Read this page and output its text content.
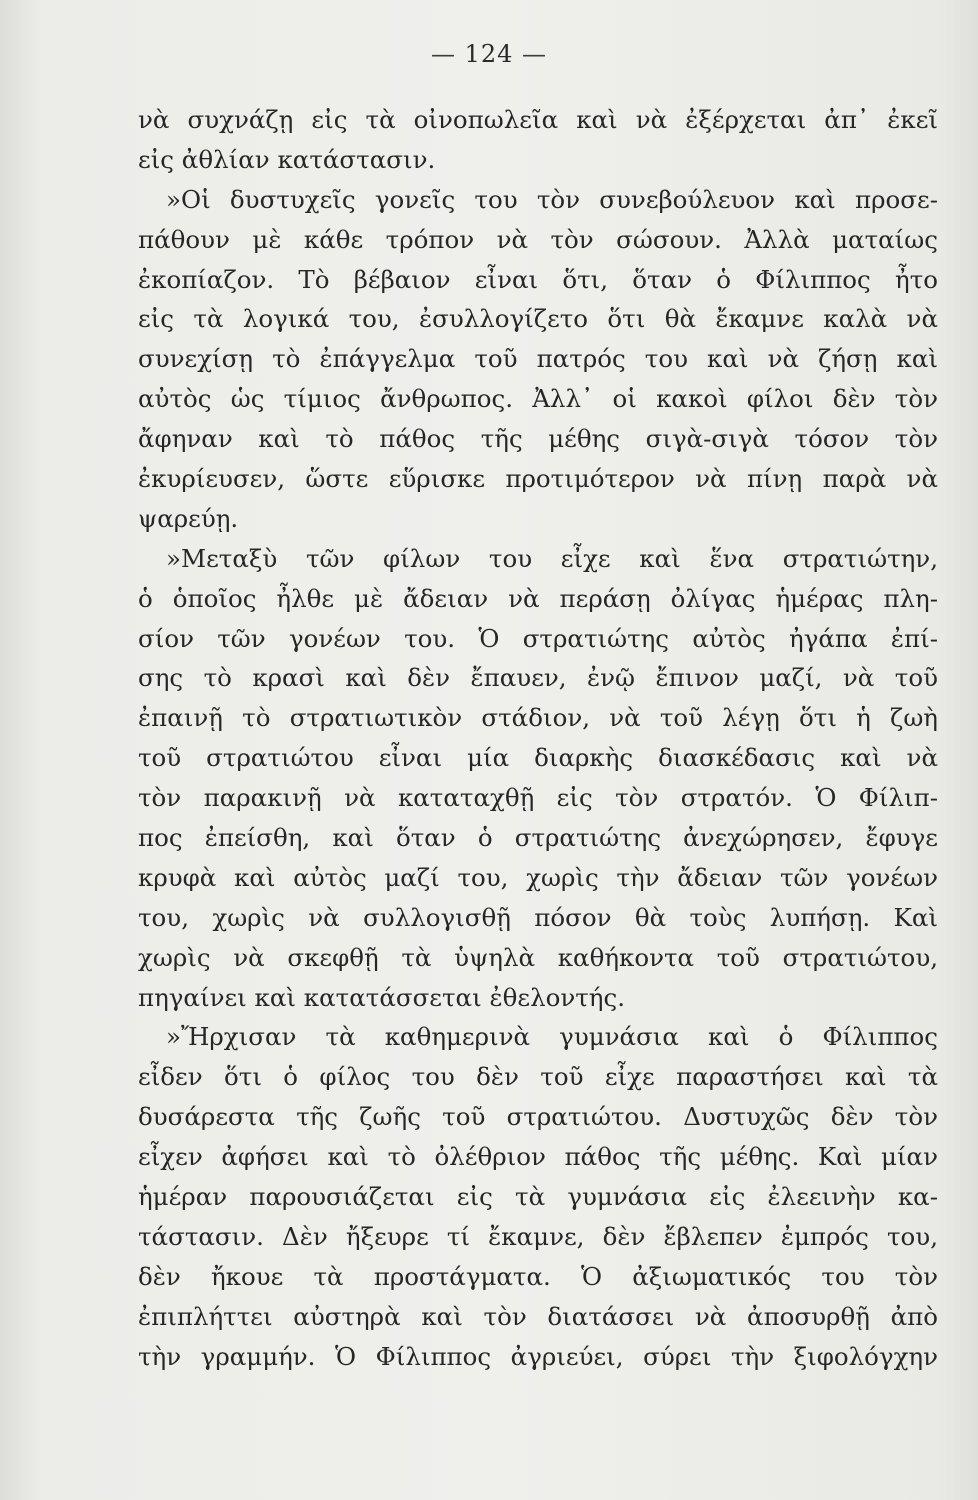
— 124 —
νὰ συχνάζῃ εἰς τὰ οἰνοπωλεῖα καὶ νὰ ἐξέρχεται ἀπ᾿ ἐκεῖ
εἰς ἀθλίαν κατάστασιν.
»Οἱ δυστυχεῖς γονεῖς του τὸν συνεβούλευον καὶ προσε-
πάθουν μὲ κάθε τρόπον νὰ τὸν σώσουν. Ἀλλὰ ματαίως
ἐκοπίαζον. Τὸ βέβαιον εἶναι ὅτι, ὅταν ὁ Φίλιππος ἦτο
εἰς τὰ λογικά του, ἐσυλλογίζετο ὅτι θὰ ἔκαμνε καλὰ νὰ
συνεχίσῃ τὸ ἐπάγγελμα τοῦ πατρός του καὶ νὰ ζήσῃ καὶ
αὐτὸς ὡς τίμιος ἄνθρωπος. Ἀλλ᾿ οἱ κακοὶ φίλοι δὲν τὸν
ἄφηναν καὶ τὸ πάθος τῆς μέθης σιγὰ-σιγὰ τόσον τὸν
ἐκυρίευσεν, ὥστε εὕρισκε προτιμότερον νὰ πίνῃ παρὰ νὰ
ψαρεύῃ.
»Μεταξὺ τῶν φίλων του εἶχε καὶ ἕνα στρατιώτην,
ὁ ὁποῖος ἦλθε μὲ ἄδειαν νὰ περάσῃ ὀλίγας ἡμέρας πλη-
σίον τῶν γονέων του. Ὁ στρατιώτης αὐτὸς ἠγάπα ἐπί-
σης τὸ κρασὶ καὶ δὲν ἔπαυεν, ἐνῷ ἔπινον μαζί, νὰ τοῦ
ἐπαινῇ τὸ στρατιωτικὸν στάδιον, νὰ τοῦ λέγῃ ὅτι ἡ ζωὴ
τοῦ στρατιώτου εἶναι μία διαρκὴς διασκέδασις καὶ νὰ
τὸν παρακινῇ νὰ καταταχθῇ εἰς τὸν στρατόν. Ὁ Φίλιπ-
πος ἐπείσθη, καὶ ὅταν ὁ στρατιώτης ἀνεχώρησεν, ἔφυγε
κρυφὰ καὶ αὐτὸς μαζί του, χωρὶς τὴν ἄδειαν τῶν γονέων
του, χωρὶς νὰ συλλογισθῇ πόσον θὰ τοὺς λυπήσῃ. Καὶ
χωρὶς νὰ σκεφθῇ τὰ ὑψηλὰ καθήκοντα τοῦ στρατιώτου,
πηγαίνει καὶ κατατάσσεται ἐθελοντής.
»Ἤρχισαν τὰ καθημερινὰ γυμνάσια καὶ ὁ Φίλιππος
εἶδεν ὅτι ὁ φίλος του δὲν τοῦ εἶχε παραστήσει καὶ τὰ
δυσάρεστα τῆς ζωῆς τοῦ στρατιώτου. Δυστυχῶς δὲν τὸν
εἶχεν ἀφήσει καὶ τὸ ὀλέθριον πάθος τῆς μέθης. Καὶ μίαν
ἡμέραν παρουσιάζεται εἰς τὰ γυμνάσια εἰς ἐλεεινὴν κα-
τάστασιν. Δὲν ἤξευρε τί ἔκαμνε, δὲν ἔβλεπεν ἐμπρός του,
δὲν ἤκουε τὰ προστάγματα. Ὁ ἀξιωματικός του τὸν
ἐπιπλήττει αὐστηρὰ καὶ τὸν διατάσσει νὰ ἀποσυρθῇ ἀπὸ
τὴν γραμμήν. Ὁ Φίλιππος ἀγριεύει, σύρει τὴν ξιφολόγχην
